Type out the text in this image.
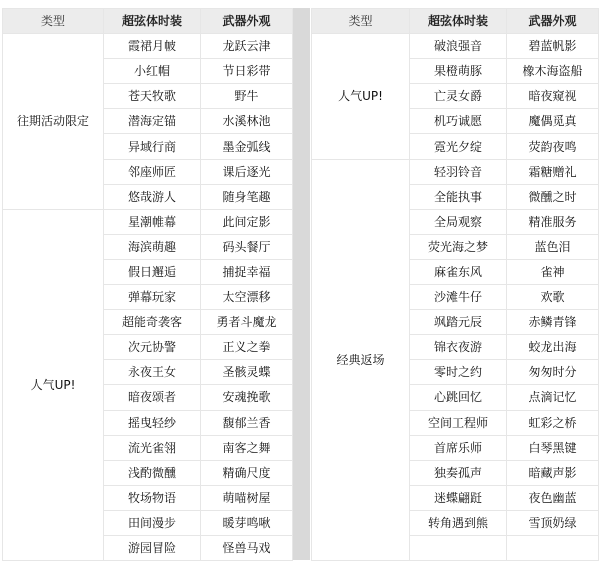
类型	超弦体时装	武器外观
往期活动限定	霞裙月帔	龙跃云津
	小红帽	节日彩带
	苍天牧歌	野牛
	潜海定锚	水溪林池
	异域行商	墨金弧线
	邻座师匠	课后逐光
	悠哉游人	随身笔趣
人气UP!	星潮帷幕	此间定影
	海滨萌趣	码头餐厅
	假日邂逅	捕捉幸福
	弹幕玩家	太空漂移
	超能奇袭客	勇者斗魔龙
	次元协警	正义之拳
	永夜王女	圣骸灵蝶
	暗夜颂者	安魂挽歌
	摇曳轻纱	馥郁兰香
	流光雀翎	南客之舞
	浅酌微醺	精确尺度
	牧场物语	萌喵树屋
	田间漫步	暖芽鸣啾
	游园冒险	怪兽马戏
类型	超弦体时装	武器外观
人气UP!	破浪强音	碧蓝帆影
	果橙萌豚	橡木海盗船
	亡灵女爵	暗夜窥视
	机巧诚愿	魔偶觅真
	霓光夕绽	荧韵夜鸣
经典返场	轻羽铃音	霜糖赠礼
	全能执事	微醺之时
	全局观察	精准服务
	荧光海之梦	蓝色泪
	麻雀东风	雀神
	沙滩牛仔	欢歌
	飒踏元辰	赤鳞青锋
	锦衣夜游	蛟龙出海
	零时之约	匆匆时分
	心跳回忆	点滴记忆
	空间工程师	虹彩之桥
	首席乐师	白琴黑键
	独奏孤声	暗藏声影
	迷蝶翩跹	夜色幽蓝
	转角遇到熊	雪顶奶绿
